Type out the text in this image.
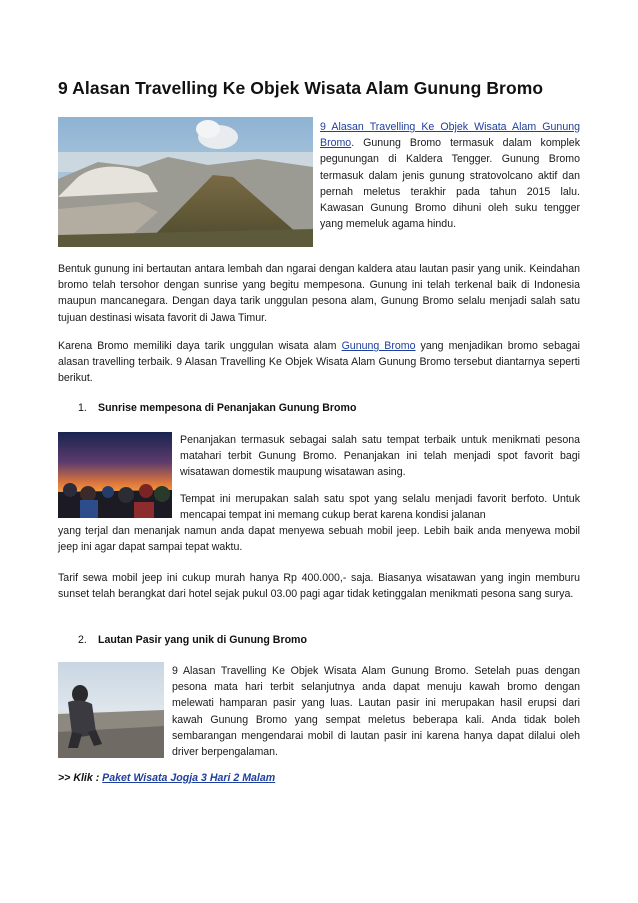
9 Alasan Travelling Ke Objek Wisata Alam Gunung Bromo

9 Alasan Travelling Ke Objek Wisata Alam Gunung Bromo. Gunung Bromo termasuk dalam komplek pegunungan di Kaldera Tengger. Gunung Bromo termasuk dalam jenis gunung stratovolcano aktif dan pernah meletus terakhir pada tahun 2015 lalu. Kawasan Gunung Bromo dihuni oleh suku tengger yang memeluk agama hindu.

Bentuk gunung ini bertautan antara lembah dan ngarai dengan kaldera atau lautan pasir yang unik. Keindahan bromo telah tersohor dengan sunrise yang begitu mempesona. Gunung ini telah terkenal baik di Indonesia maupun mancanegara. Dengan daya tarik unggulan pesona alam, Gunung Bromo selalu menjadi salah satu tujuan destinasi wisata favorit di Jawa Timur.

Karena Bromo memiliki daya tarik unggulan wisata alam Gunung Bromo yang menjadikan bromo sebagai alasan travelling terbaik. 9 Alasan Travelling Ke Objek Wisata Alam Gunung Bromo tersebut diantarnya seperti berikut.

1. Sunrise mempesona di Penanjakan Gunung Bromo

Penanjakan termasuk sebagai salah satu tempat terbaik untuk menikmati pesona matahari terbit Gunung Bromo. Penanjakan ini telah menjadi spot favorit bagi wisatawan domestik maupung wisatawan asing.

Tempat ini merupakan salah satu spot yang selalu menjadi favorit berfoto. Untuk mencapai tempat ini memang cukup berat karena kondisi jalanan

yang terjal dan menanjak namun anda dapat menyewa sebuah mobil jeep. Lebih baik anda menyewa mobil jeep ini agar dapat sampai tepat waktu.

Tarif sewa mobil jeep ini cukup murah hanya Rp 400.000,- saja. Biasanya wisatawan yang ingin memburu sunset telah berangkat dari hotel sejak pukul 03.00 pagi agar tidak ketinggalan menikmati pesona sang surya.

2. Lautan Pasir yang unik di Gunung Bromo

9 Alasan Travelling Ke Objek Wisata Alam Gunung Bromo. Setelah puas dengan pesona mata hari terbit selanjutnya anda dapat menuju kawah bromo dengan melewati hamparan pasir yang luas. Lautan pasir ini merupakan hasil erupsi dari kawah Gunung Bromo yang sempat meletus beberapa kali. Anda tidak boleh sembarangan mengendarai mobil di lautan pasir ini karena hanya dapat dilalui oleh driver berpengalaman.

>> Klik : Paket Wisata Jogja 3 Hari 2 Malam
